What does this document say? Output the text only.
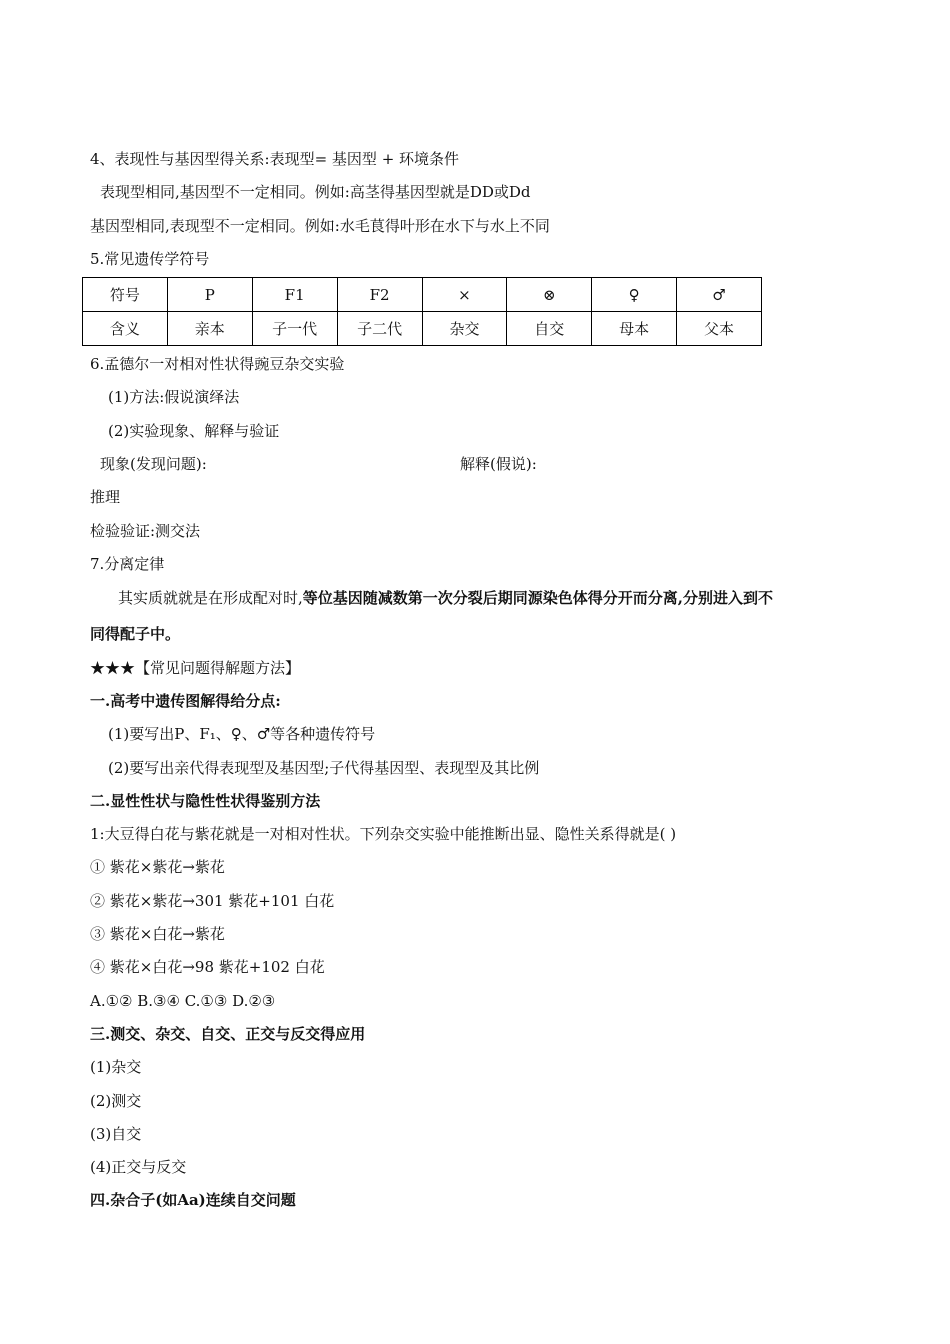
4、表现性与基因型得关系:表现型= 基因型 + 环境条件
表现型相同,基因型不一定相同。例如:高茎得基因型就是DD或Dd
基因型相同,表现型不一定相同。例如:水毛茛得叶形在水下与水上不同
5.常见遗传学符号
符号	P	F1	F2	×	⊗	♀	♂
含义	亲本	子一代	子二代	杂交	自交	母本	父本
6.孟德尔一对相对性状得豌豆杂交实验
(1)方法:假说演绎法
(2)实验现象、解释与验证
现象(发现问题):	解释(假说):
推理
检验验证:测交法
7.分离定律
其实质就就是在形成配对时,等位基因随减数第一次分裂后期同源染色体得分开而分离,分别进入到不
同得配子中。
★★★【常见问题得解题方法】
一.高考中遗传图解得给分点:
(1)要写出P、F₁、♀、♂等各种遗传符号
(2)要写出亲代得表现型及基因型;子代得基因型、表现型及其比例
二.显性性状与隐性性状得鉴别方法
1:大豆得白花与紫花就是一对相对性状。下列杂交实验中能推断出显、隐性关系得就是( )
① 紫花×紫花→紫花
② 紫花×紫花→301 紫花+101 白花
③ 紫花×白花→紫花
④ 紫花×白花→98 紫花+102 白花
A.①② B.③④ C.①③ D.②③
三.测交、杂交、自交、正交与反交得应用
(1)杂交
(2)测交
(3)自交
(4)正交与反交
四.杂合子(如Aa)连续自交问题
